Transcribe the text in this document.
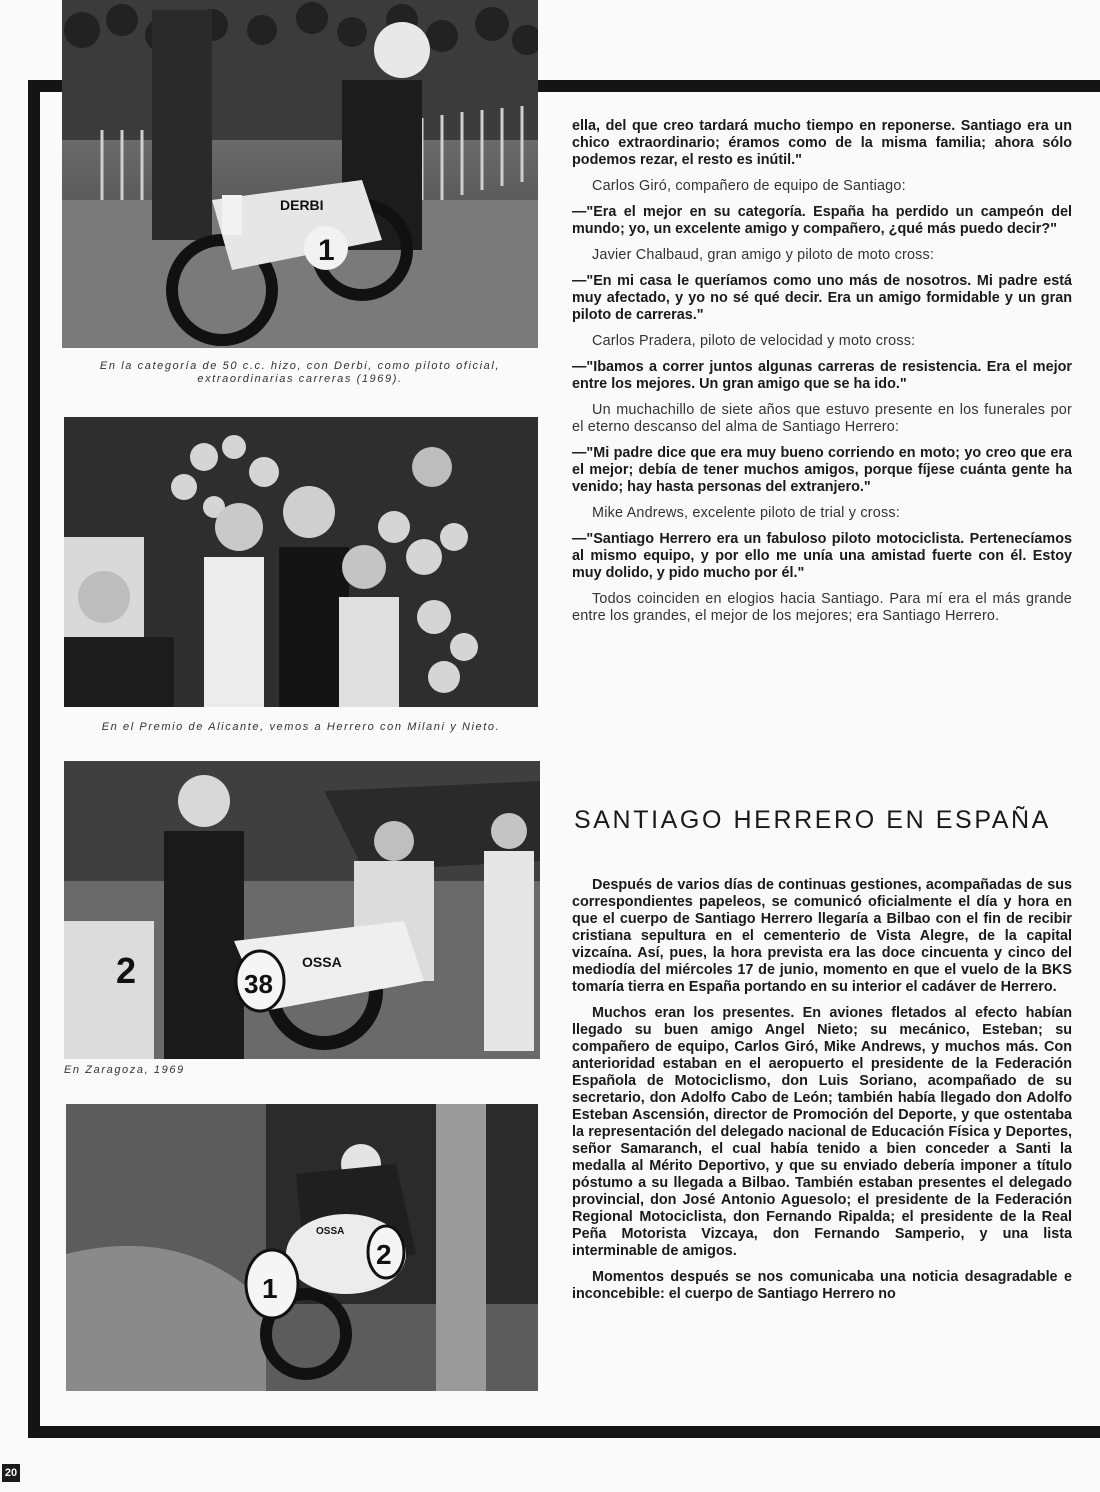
1
DERBI
En la categoría de 50 c.c. hizo, con Derbi, como piloto oficial, extraordinarias carreras (1969).
En el Premio de Alicante, vemos a Herrero con Milani y Nieto.
38
OSSA
2
En Zaragoza, 1969
1
2
OSSA

ella, del que creo tardará mucho tiempo en reponerse. Santiago era un chico extraordinario; éramos como de la misma familia; ahora sólo podemos rezar, el resto es inútil."

Carlos Giró, compañero de equipo de Santiago:

—"Era el mejor en su categoría. España ha perdido un campeón del mundo; yo, un excelente amigo y compañero, ¿qué más puedo decir?"

Javier Chalbaud, gran amigo y piloto de moto cross:

—"En mi casa le queríamos como uno más de nosotros. Mi padre está muy afectado, y yo no sé qué decir. Era un amigo formidable y un gran piloto de carreras."

Carlos Pradera, piloto de velocidad y moto cross:

—"Ibamos a correr juntos algunas carreras de resistencia. Era el mejor entre los mejores. Un gran amigo que se ha ido."

Un muchachillo de siete años que estuvo presente en los funerales por el eterno descanso del alma de Santiago Herrero:

—"Mi padre dice que era muy bueno corriendo en moto; yo creo que era el mejor; debía de tener muchos amigos, porque fíjese cuánta gente ha venido; hay hasta personas del extranjero."

Mike Andrews, excelente piloto de trial y cross:

—"Santiago Herrero era un fabuloso piloto motociclista. Pertenecíamos al mismo equipo, y por ello me unía una amistad fuerte con él. Estoy muy dolido, y pido mucho por él."

Todos coinciden en elogios hacia Santiago. Para mí era el más grande entre los grandes, el mejor de los mejores; era Santiago Herrero.

SANTIAGO HERRERO EN ESPAÑA

Después de varios días de continuas gestiones, acompañadas de sus correspondientes papeleos, se comunicó oficialmente el día y hora en que el cuerpo de Santiago Herrero llegaría a Bilbao con el fin de recibir cristiana sepultura en el cementerio de Vista Alegre, de la capital vizcaína. Así, pues, la hora prevista era las doce cincuenta y cinco del mediodía del miércoles 17 de junio, momento en que el vuelo de la BKS tomaría tierra en España portando en su interior el cadáver de Herrero.

Muchos eran los presentes. En aviones fletados al efecto habían llegado su buen amigo Angel Nieto; su mecánico, Esteban; su compañero de equipo, Carlos Giró, Mike Andrews, y muchos más. Con anterioridad estaban en el aeropuerto el presidente de la Federación Española de Motociclismo, don Luis Soriano, acompañado de su secretario, don Adolfo Cabo de León; también había llegado don Adolfo Esteban Ascensión, director de Promoción del Deporte, y que ostentaba la representación del delegado nacional de Educación Física y Deportes, señor Samaranch, el cual había tenido a bien conceder a Santi la medalla al Mérito Deportivo, y que su enviado debería imponer a título póstumo a su llegada a Bilbao. También estaban presentes el delegado provincial, don José Antonio Aguesolo; el presidente de la Federación Regional Motociclista, don Fernando Ripalda; el presidente de la Real Peña Motorista Vizcaya, don Fernando Samperio, y una lista interminable de amigos.

Momentos después se nos comunicaba una noticia desagradable e inconcebible: el cuerpo de Santiago Herrero no

20
